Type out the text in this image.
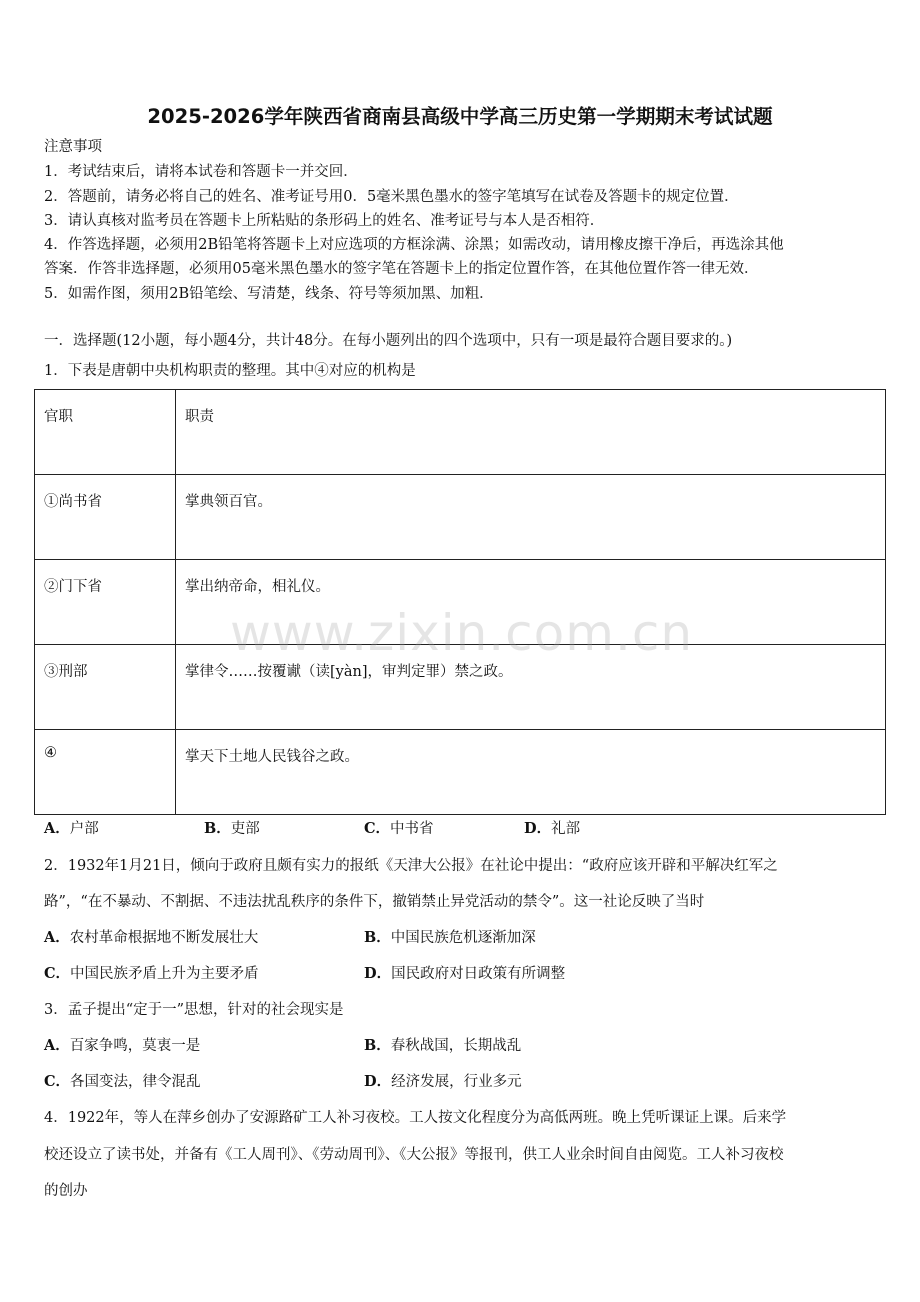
2025-2026学年陕西省商南县高级中学高三历史第一学期期末考试试题
注意事项
1．考试结束后，请将本试卷和答题卡一并交回．
2．答题前，请务必将自己的姓名、准考证号用0．5毫米黑色墨水的签字笔填写在试卷及答题卡的规定位置．
3．请认真核对监考员在答题卡上所粘贴的条形码上的姓名、准考证号与本人是否相符．
4．作答选择题，必须用2B铅笔将答题卡上对应选项的方框涂满、涂黑；如需改动，请用橡皮擦干净后，再选涂其他
答案．作答非选择题，必须用05毫米黑色墨水的签字笔在答题卡上的指定位置作答，在其他位置作答一律无效．
5．如需作图，须用2B铅笔绘、写清楚，线条、符号等须加黑、加粗．
一．选择题(12小题，每小题4分，共计48分。在每小题列出的四个选项中，只有一项是最符合题目要求的。)
1．下表是唐朝中央机构职责的整理。其中④对应的机构是
官职	职责
①尚书省	掌典领百官。
②门下省	掌出纳帝命，相礼仪。
③刑部	掌律令……按覆谳（读[yàn]，审判定罪）禁之政。
④	掌天下土地人民钱谷之政。
www.zixin.com.cn
A．户部	B．吏部	C．中书省	D．礼部
2．1932年1月21日，倾向于政府且颇有实力的报纸《天津大公报》在社论中提出：“政府应该开辟和平解决红军之
路”，“在不暴动、不割据、不违法扰乱秩序的条件下，撤销禁止异党活动的禁令”。这一社论反映了当时
A．农村革命根据地不断发展壮大	B．中国民族危机逐渐加深
C．中国民族矛盾上升为主要矛盾	D．国民政府对日政策有所调整
3．孟子提出“定于一”思想，针对的社会现实是
A．百家争鸣，莫衷一是	B．春秋战国，长期战乱
C．各国变法，律令混乱	D．经济发展，行业多元
4．1922年，等人在萍乡创办了安源路矿工人补习夜校。工人按文化程度分为高低两班。晚上凭听课证上课。后来学
校还设立了读书处，并备有《工人周刊》、《劳动周刊》、《大公报》等报刊，供工人业余时间自由阅览。工人补习夜校
的创办
